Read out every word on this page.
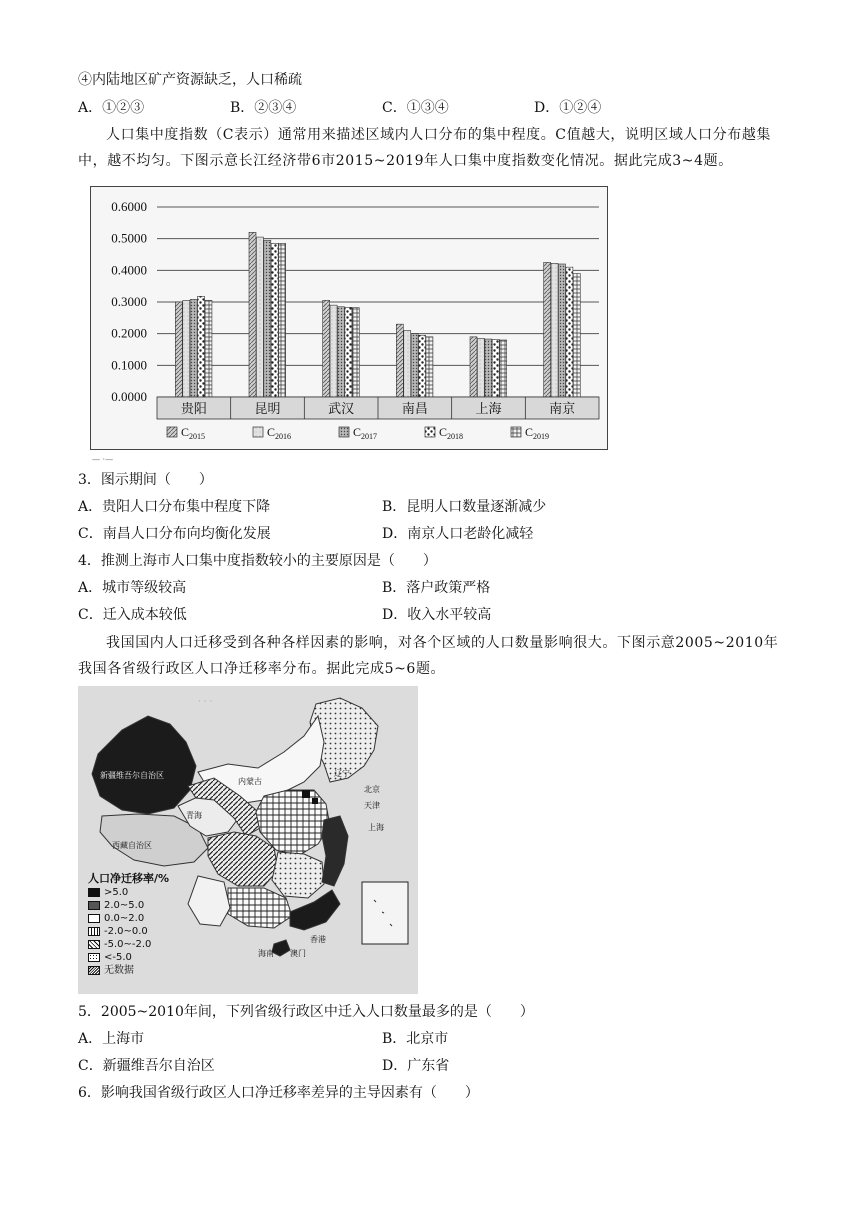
④内陆地区矿产资源缺乏，人口稀疏
A．①②③	B．②③④	C．①③④	D．①②④
人口集中度指数（C表示）通常用来描述区域内人口分布的集中程度。C值越大，说明区域人口分布越集中，越不均匀。下图示意长江经济带6市2015~2019年人口集中度指数变化情况。据此完成3~4题。
0.0000
0.1000
0.2000
0.3000
0.4000
0.5000
0.6000
贵阳	昆明	武汉	南昌	上海	南京
$C_{2015}$	$C_{2016}$	$C_{2017}$	$C_{2018}$	$C_{2019}$
— ·—
3．图示期间（　　）
A．贵阳人口分布集中程度下降	B．昆明人口数量逐渐减少
C．南昌人口分布向均衡化发展	D．南京人口老龄化减轻
4．推测上海市人口集中度指数较小的主要原因是（　　）
A．城市等级较高	B．落户政策严格
C．迁入成本较低	D．收入水平较高
我国国内人口迁移受到各种各样因素的影响，对各个区域的人口数量影响很大。下图示意2005~2010年我国各省级行政区人口净迁移率分布。据此完成5~6题。
· · ·
新疆维吾尔自治区
西藏自治区
青海
内蒙古
辽宁
北京
天津
上海
香港
澳门
海南
人口净迁移率/%
>5.0
2.0~5.0
0.0~2.0
-2.0~0.0
-5.0~-2.0
<-5.0
无数据
5．2005~2010年间，下列省级行政区中迁入人口数量最多的是（　　）
A．上海市	B．北京市
C．新疆维吾尔自治区	D．广东省
6．影响我国省级行政区人口净迁移率差异的主导因素有（　　）
